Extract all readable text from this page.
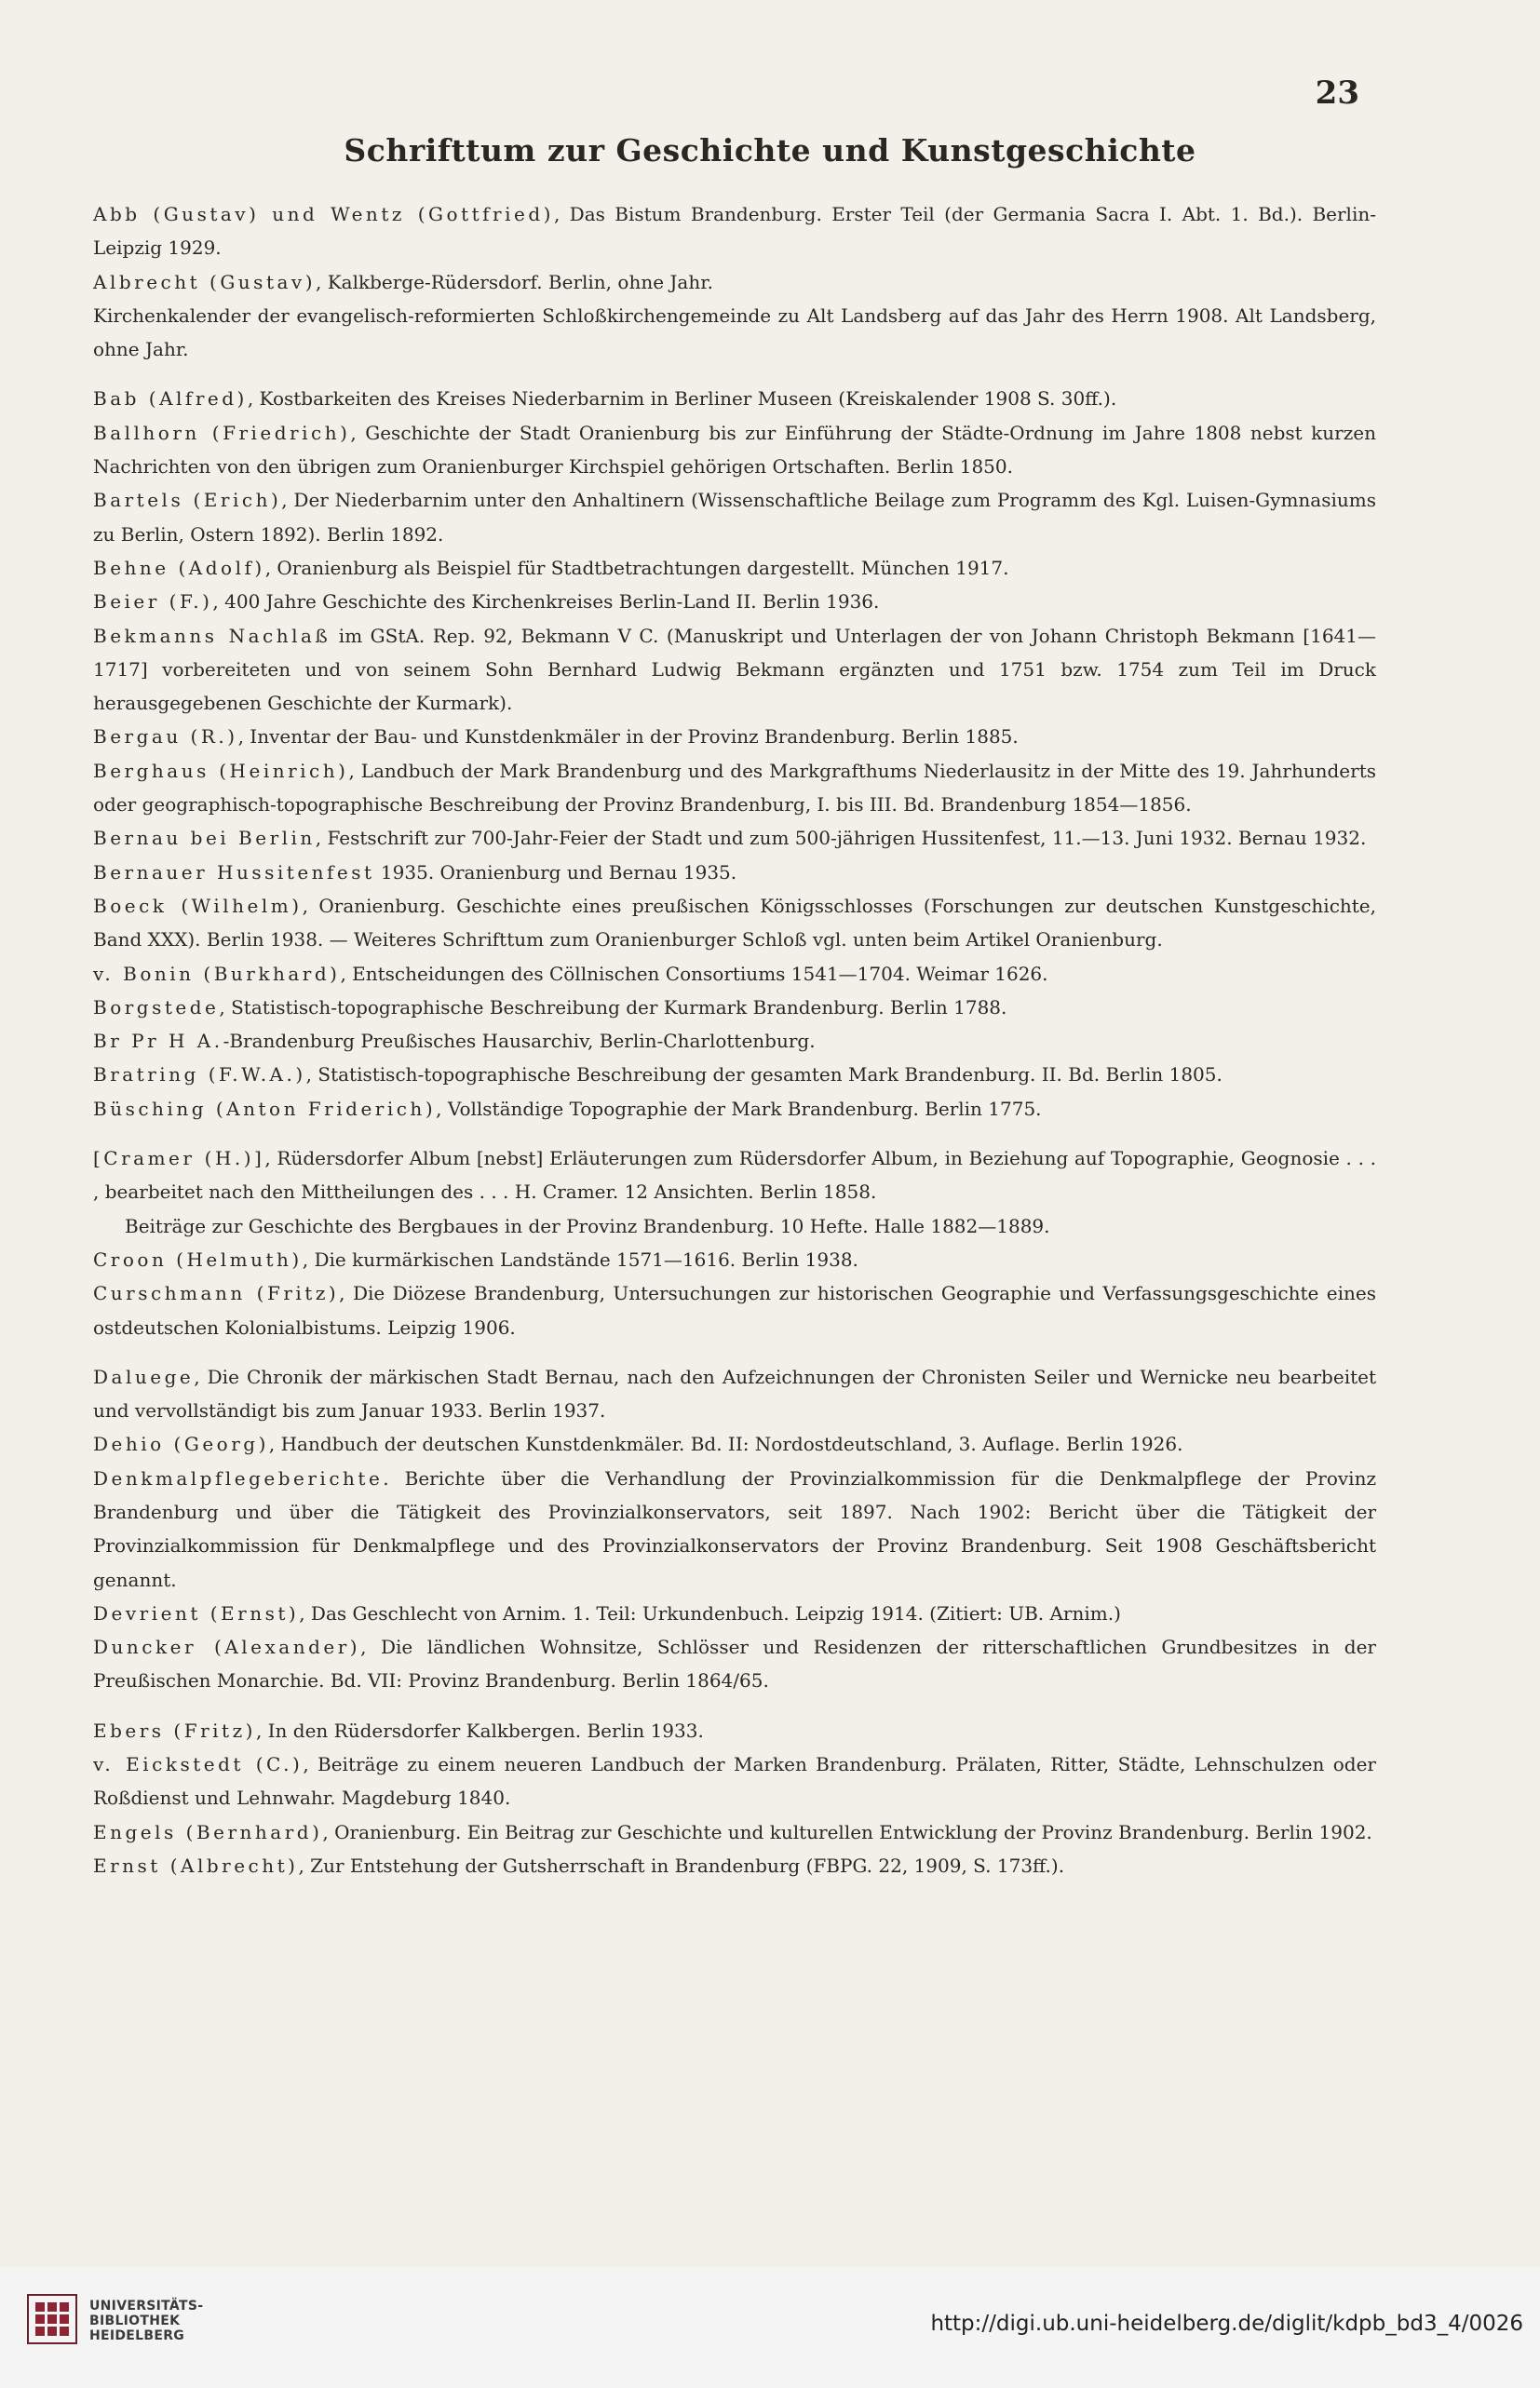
23
Schrifttum zur Geschichte und Kunstgeschichte
Abb (Gustav) und Wentz (Gottfried), Das Bistum Brandenburg. Erster Teil (der Germania Sacra I. Abt. 1. Bd.). Berlin-Leipzig 1929.
Albrecht (Gustav), Kalkberge-Rüdersdorf. Berlin, ohne Jahr.
Kirchenkalender der evangelisch-reformierten Schloßkirchengemeinde zu Alt Landsberg auf das Jahr des Herrn 1908. Alt Landsberg, ohne Jahr.
Bab (Alfred), Kostbarkeiten des Kreises Niederbarnim in Berliner Museen (Kreiskalender 1908 S. 30ff.).
Ballhorn (Friedrich), Geschichte der Stadt Oranienburg bis zur Einführung der Städte-Ordnung im Jahre 1808 nebst kurzen Nachrichten von den übrigen zum Oranienburger Kirchspiel gehörigen Ortschaften. Berlin 1850.
Bartels (Erich), Der Niederbarnim unter den Anhaltinern (Wissenschaftliche Beilage zum Programm des Kgl. Luisen-Gymnasiums zu Berlin, Ostern 1892). Berlin 1892.
Behne (Adolf), Oranienburg als Beispiel für Stadtbetrachtungen dargestellt. München 1917.
Beier (F.), 400 Jahre Geschichte des Kirchenkreises Berlin-Land II. Berlin 1936.
Bekmanns Nachlaß im GStA. Rep. 92, Bekmann V C. (Manuskript und Unterlagen der von Johann Christoph Bekmann [1641—1717] vorbereiteten und von seinem Sohn Bernhard Ludwig Bekmann ergänzten und 1751 bzw. 1754 zum Teil im Druck herausgegebenen Geschichte der Kurmark).
Bergau (R.), Inventar der Bau- und Kunstdenkmäler in der Provinz Brandenburg. Berlin 1885.
Berghaus (Heinrich), Landbuch der Mark Brandenburg und des Markgrafthums Niederlausitz in der Mitte des 19. Jahrhunderts oder geographisch-topographische Beschreibung der Provinz Brandenburg, I. bis III. Bd. Brandenburg 1854—1856.
Bernau bei Berlin, Festschrift zur 700-Jahr-Feier der Stadt und zum 500-jährigen Hussitenfest, 11.—13. Juni 1932. Bernau 1932.
Bernauer Hussitenfest 1935. Oranienburg und Bernau 1935.
Boeck (Wilhelm), Oranienburg. Geschichte eines preußischen Königsschlosses (Forschungen zur deutschen Kunstgeschichte, Band XXX). Berlin 1938. — Weiteres Schrifttum zum Oranienburger Schloß vgl. unten beim Artikel Oranienburg.
v. Bonin (Burkhard), Entscheidungen des Cöllnischen Consortiums 1541—1704. Weimar 1626.
Borgstede, Statistisch-topographische Beschreibung der Kurmark Brandenburg. Berlin 1788.
Br Pr H A.-Brandenburg Preußisches Hausarchiv, Berlin-Charlottenburg.
Bratring (F.W.A.), Statistisch-topographische Beschreibung der gesamten Mark Brandenburg. II. Bd. Berlin 1805.
Büsching (Anton Friderich), Vollständige Topographie der Mark Brandenburg. Berlin 1775.
[Cramer (H.)], Rüdersdorfer Album [nebst] Erläuterungen zum Rüdersdorfer Album, in Beziehung auf Topographie, Geognosie . . . , bearbeitet nach den Mittheilungen des . . . H. Cramer. 12 Ansichten. Berlin 1858.
Beiträge zur Geschichte des Bergbaues in der Provinz Brandenburg. 10 Hefte. Halle 1882—1889.
Croon (Helmuth), Die kurmärkischen Landstände 1571—1616. Berlin 1938.
Curschmann (Fritz), Die Diözese Brandenburg, Untersuchungen zur historischen Geographie und Verfassungsgeschichte eines ostdeutschen Kolonialbistums. Leipzig 1906.
Daluege, Die Chronik der märkischen Stadt Bernau, nach den Aufzeichnungen der Chronisten Seiler und Wernicke neu bearbeitet und vervollständigt bis zum Januar 1933. Berlin 1937.
Dehio (Georg), Handbuch der deutschen Kunstdenkmäler. Bd. II: Nordostdeutschland, 3. Auflage. Berlin 1926.
Denkmalpflegeberichte. Berichte über die Verhandlung der Provinzialkommission für die Denkmalpflege der Provinz Brandenburg und über die Tätigkeit des Provinzialkonservators, seit 1897. Nach 1902: Bericht über die Tätigkeit der Provinzialkommission für Denkmalpflege und des Provinzialkonservators der Provinz Brandenburg. Seit 1908 Geschäftsbericht genannt.
Devrient (Ernst), Das Geschlecht von Arnim. 1. Teil: Urkundenbuch. Leipzig 1914. (Zitiert: UB. Arnim.)
Duncker (Alexander), Die ländlichen Wohnsitze, Schlösser und Residenzen der ritterschaftlichen Grundbesitzes in der Preußischen Monarchie. Bd. VII: Provinz Brandenburg. Berlin 1864/65.
Ebers (Fritz), In den Rüdersdorfer Kalkbergen. Berlin 1933.
v. Eickstedt (C.), Beiträge zu einem neueren Landbuch der Marken Brandenburg. Prälaten, Ritter, Städte, Lehnschulzen oder Roßdienst und Lehnwahr. Magdeburg 1840.
Engels (Bernhard), Oranienburg. Ein Beitrag zur Geschichte und kulturellen Entwicklung der Provinz Brandenburg. Berlin 1902.
Ernst (Albrecht), Zur Entstehung der Gutsherrschaft in Brandenburg (FBPG. 22, 1909, S. 173ff.).
UNIVERSITÄTS-
BIBLIOTHEK
HEIDELBERG	http://digi.ub.uni-heidelberg.de/diglit/kdpb_bd3_4/0026
